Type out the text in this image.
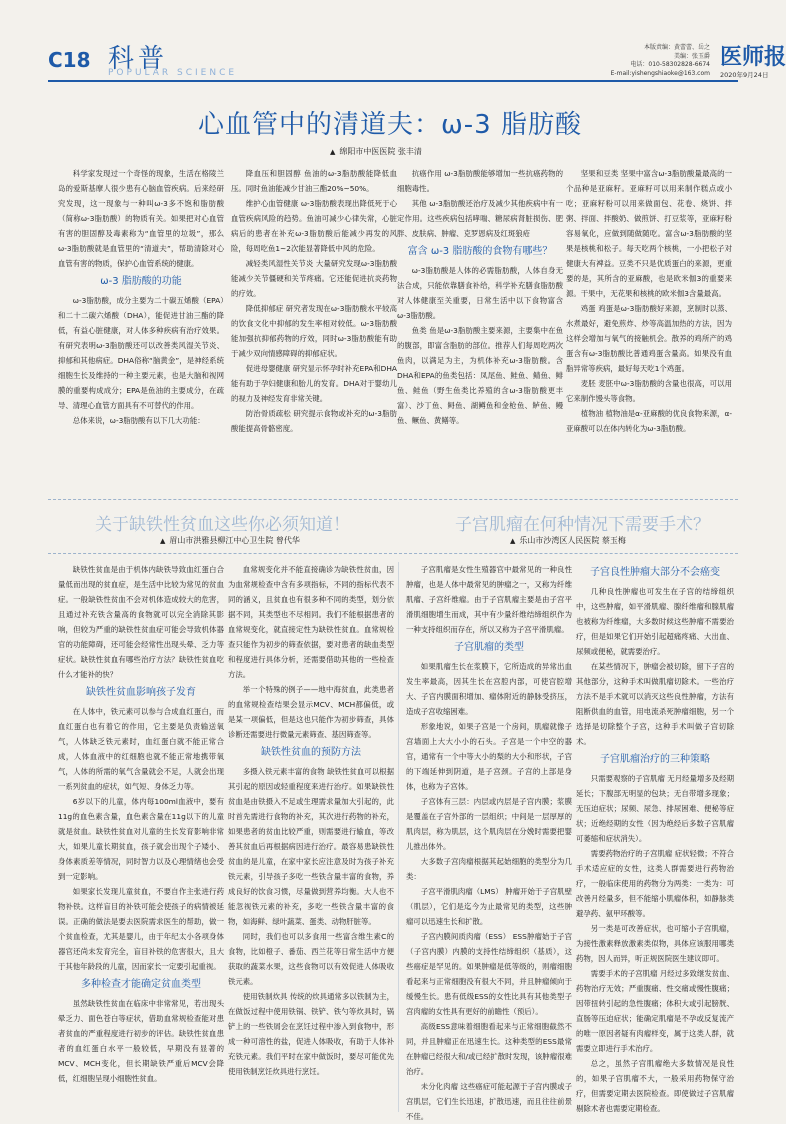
C18 科普
POPULAR SCIENCE
本版责编：黄蕾蕾、岳之
美编：张玉爵
电话：010-58302828-6674
E-mail:yishengshiaoke@163.com
医师报
2020年9月24日
心血管中的清道夫：ω-3 脂肪酸
▲ 绵阳市中医医院 张丰清

科学家发现过一个奇怪的现象，生活在格陵兰岛的爱斯基摩人很少患有心脑血管疾病。后来经研究发现，这一现象与一种叫ω-3多不饱和脂肪酸（简称ω-3脂肪酸）的物质有关。如果把对心血管有害的胆固醇及毒素称为“血管里的垃圾”，那么ω-3脂肪酸就是血管里的“清道夫”，帮助清除对心血管有害的物质，保护心血管系统的健康。

ω-3 脂肪酸的功能

ω-3脂肪酸，成分主要为二十碳五烯酸（EPA）和二十二碳六烯酸（DHA），能促进甘油三酯的降低，有益心脏健康，对人体多种疾病有治疗效果。有研究表明ω-3脂肪酸还可以改善类风湿关节炎、抑郁和其他病症。DHA俗称“脑黄金”，是神经系统细胞生长及维持的一种主要元素，也是大脑和视网膜的重要构成成分；EPA是鱼油的主要成分，在疏导、清理心血管方面具有不可替代的作用。

总体来说，ω-3脂肪酸有以下几大功能：

降血压和胆固醇 鱼油的ω-3脂肪酸能降低血压。同时鱼油能减少甘油三酯20%~50%。

维护心血管健康 ω-3脂肪酸表现出降低死于心血管疾病风险的趋势。鱼油可减少心律失常，心脏病后的患者在补充ω-3脂肪酸后能减少再发的风险，每周吃鱼1~2次能显著降低中风的危险。

减轻类风湿性关节炎 大量研究发现ω-3脂肪酸能减少关节僵硬和关节疼痛。它还能促进抗炎药物的疗效。

降低抑郁症 研究者发现在ω-3脂肪酸水平较高的饮食文化中抑郁的发生率相对较低。ω-3脂肪酸能加强抗抑郁药物的疗效，同时ω-3脂肪酸能有助于减少双向情感障碍的抑郁症状。

促进母婴健康 研究显示怀孕时补充EPA和DHA能有助于孕妇健康和胎儿的发育。DHA对于婴幼儿的视力及神经发育非常关键。

防治骨质疏松 研究提示食物或补充的ω-3脂肪酸能提高骨骼密度。

抗癌作用 ω-3脂肪酸能够增加一些抗癌药物的细胞毒性。

其他 ω-3脂肪酸还治疗及减少其他疾病中有一定作用。这些疾病包括哮喘、糖尿病肾脏损伤、肥胖、皮肤病、肿瘤、克罗恩病及红斑狼疮

富含 ω-3 脂肪酸的食物有哪些？

ω-3脂肪酸是人体的必需脂肪酸，人体自身无法合成，只能依靠膳食补给，科学补充膳食脂肪酸对人体健康至关重要，日常生活中以下食物富含ω-3脂肪酸。

鱼类 鱼是ω-3脂肪酸主要来源，主要集中在鱼的腹部，即富含脂肪的部位。推荐人们每周吃两次鱼肉，以满足为主，为机体补充ω-3脂肪酸。含DHA和EPA的鱼类包括：凤尾鱼、鲑鱼、鲭鱼、鲱鱼、鲑鱼（野生鱼类比养殖的含ω-3脂肪酸更丰富）、沙丁鱼、鲟鱼、湖鳟鱼和金枪鱼、鲈鱼、鳗鱼、鳜鱼、黄鳝等。

坚果和豆类 坚果中富含ω-3脂肪酸量最高的一个品种是亚麻籽。亚麻籽可以用来制作糕点或小吃；亚麻籽粉可以用来做面包、花卷、烧饼、拌粥、拌面、拌酸奶、做煎饼、打豆浆等，亚麻籽粉容易氧化，应做到随做随吃。富含ω-3脂肪酸的坚果是核桃和松子。每天吃两个核桃，一小把松子对健康大有裨益。豆类不只是优质蛋白的来源，更重要的是，其所含的亚麻酸，也是欧米伽3的重要来源。干果中，无花果和核桃的欧米伽3含量最高。

鸡蛋 鸡蛋是ω-3脂肪酸好来源，烹制时以蒸、水煮最好，避免煎炸、炒等高温加热的方法，因为这样会增加与氧气的接触机会。散养的鸡所产的鸡蛋含有ω-3脂肪酸比普通鸡蛋含量高。如果没有血脂异常等疾病，最好每天吃1个鸡蛋。

麦胚 麦胚中ω-3脂肪酸的含量也很高，可以用它来制作馒头等食物。

植物油 植物油是α-亚麻酸的优良食物来源，α-亚麻酸可以在体内转化为ω-3脂肪酸。

关于缺铁性贫血这些你必须知道！
▲ 眉山市洪雅县柳江中心卫生院 曾代华
子宫肌瘤在何种情况下需要手术？
▲ 乐山市沙湾区人民医院 蔡玉梅

缺铁性贫血是由于机体内缺铁导致血红蛋白合量低而出现的贫血症，是生活中比较为常见的贫血症。一般缺铁性贫血不会对机体造成较大的危害，且通过补充铁含量高的食物就可以完全消除其影响，但较为严重的缺铁性贫血症可能会导致机体器官的功能障碍，还可能会经常性出现头晕、乏力等症状。缺铁性贫血有哪些治疗方法？缺铁性贫血吃什么才能补的快？

缺铁性贫血影响孩子发育

在人体中，铁元素可以参与合成血红蛋白，而血红蛋白也有着它的作用，它主要是负责输送氧气，人体缺乏铁元素时，血红蛋白就不能正常合成，人体血液中的红细胞也就不能正常地携带氧气，人体的所需的氧气含量就会不足，人就会出现一系列贫血的症状，如气短、身体乏力等。

6岁以下的儿童，体内每100ml血液中，要有11g的血色素含量，血色素含量在11g以下的儿童就是贫血。缺铁性贫血对儿童的生长发育影响非常大，如果儿童长期贫血，孩子就会出现个子矮小、身体素质差等情况，同时智力以及心理情绪也会受到一定影响。

如果家长发现儿童贫血，不要自作主张进行药物补铁。这样盲目的补铁可能会使孩子的病情被延误。正确的做法是要去医院需求医生的帮助，做一个贫血检查，尤其是婴儿，由于年纪太小各项身体器官还尚未发育完全，盲目补铁的危害很大，且大于其他年龄段的儿童，因而家长一定要引起重视。

多种检查才能确定贫血类型

虽然缺铁性贫血在临床中非常常见，若出现头晕乏力、面色苍白等症状，借助血常规检查能对患者贫血的严重程度进行初步的评估。缺铁性贫血患者的血红蛋白水平一般较低，早期没有显著的MCV、MCH变化，但长期缺铁严重后MCV会降低，红细胞呈现小细胞性贫血。

血常规变化并不能直接确诊为缺铁性贫血，因为血常规检查中含有多项指标，不同的指标代表不同的涵义，且贫血也有很多种不同的类型，划分依据不同，其类型也不尽相同。我们不能根据患者的血常规变化，就直接定性为缺铁性贫血。血常规检查只能作为初步的筛查依据，要对患者的缺血类型和程度进行具体分析，还需要借助其他的一些检查方法。

举一个特殊的例子——地中海贫血，此类患者的血常规检查结果会显示MCV、MCH都偏低，或是某一项偏低，但是这也只能作为初步筛查，具体诊断还需要进行微量元素筛查、基因筛查等。

缺铁性贫血的预防方法

多摄入铁元素丰富的食物 缺铁性贫血可以根据其引起的原因或轻重程度来进行治疗。如果缺铁性贫血是由铁摄入不足或生理需求量加大引起的，此时首先需进行食物的补充，其次进行药物的补充，如果患者的贫血比较严重，则需要进行输血，等改善其贫血后再根据病因进行治疗。最容易患缺铁性贫血的是儿童，在家中家长应注意及时为孩子补充铁元素，引导孩子多吃一些铁含量丰富的食物，养成良好的饮食习惯，尽量做到营养均衡。大人也不能忽视铁元素的补充，多吃一些铁含量丰富的食物，如海鲜、绿叶蔬菜、蛋类、动物肝脏等。

同时，我们也可以多食用一些富含维生素C的食物，比如橙子、番茄、西兰花等日常生活中方便获取的蔬菜水果，这些食物可以有效促进人体吸收铁元素。

使用铁制炊具 传统的炊具通常多以铁制为主，在做饭过程中使用铁锅、铁铲、铁勺等炊具时，锅铲上的一些铁屑会在烹饪过程中渗入到食物中，形成一种可溶性的盐，促进人体吸收，有助于人体补充铁元素。我们平时在家中做饭时，要尽可能优先使用铁制烹饪炊具进行烹饪。

子宫肌瘤是女性生殖器官中最常见的一种良性肿瘤，也是人体中最常见的肿瘤之一，又称为纤维肌瘤、子宫纤维瘤。由于子宫肌瘤主要是由子宫平滑肌细胞增生而成，其中有少量纤维结缔组织作为一种支持组织而存在，所以又称为子宫平滑肌瘤。

子宫肌瘤的类型

如果肌瘤生长在浆膜下，它所造成的异常出血发生率最高，因其生长在宫腔内部，可使宫腔增大、子宫内膜面积增加、瘤体附近的静脉受挤压，造成子宫收缩困难。

形象地说，如果子宫是一个房间，肌瘤就像子宫墙面上大大小小的石头。子宫是一个中空的器官，通常有一个中等大小的梨的大小和形状，子宫的下端延伸到阴道，是子宫颈。子宫的上部是身体，也称为子宫体。

子宫体有三层：内层或内层是子宫内膜；浆膜是覆盖在子宫外部的一层组织；中间是一层厚厚的肌肉层，称为肌层，这个肌肉层在分娩时需要把婴儿推出体外。

大多数子宫肉瘤根据其起始细胞的类型分为几类：

子宫平滑肌肉瘤（LMS） 肿瘤开始于子宫肌壁（肌层），它们是迄今为止最常见的类型，这些肿瘤可以迅速生长和扩散。

子宫内膜间质肉瘤（ESS） ESS肿瘤始于子宫（子宫内膜）内膜的支持性结缔组织（基质），这些癌症是罕见的。如果肿瘤是低等级的，则瘤细胞看起来与正常细胞没有很大不同，并且肿瘤倾向于缓慢生长。患有低级ESS的女性比具有其他类型子宫肉瘤的女性具有更好的前瞻性（预后）。

高级ESS意味着细胞看起来与正常细胞截然不同，并且肿瘤正在迅速生长。这种类型的ESS最常在肿瘤已经很大和/或已经扩散时发现，该肿瘤很难治疗。

未分化肉瘤 这些癌症可能起源于子宫内膜或子宫肌层，它们生长迅速，扩散迅速，而且往往前景不佳。

子宫良性肿瘤大部分不会癌变

几种良性肿瘤也可发生在子宫的结缔组织中，这些肿瘤，如平滑肌瘤、腺纤维瘤和腺肌瘤也被称为纤维瘤，大多数时候这些肿瘤不需要治疗，但是如果它们开始引起超痛疼痛、大出血、尿频或便秘，就需要治疗。

在某些情况下，肿瘤会被切除，留下子宫的其他部分，这种手术叫做肌瘤切除术。一些治疗方法不是手术就可以消灭这些良性肿瘤，方法有阻断供血的血管，用电流杀死肿瘤细胞，另一个选择是切除整个子宫，这种手术叫做子宫切除术。

子宫肌瘤治疗的三种策略

只需要观察的子宫肌瘤 无月经量增多及经期延长；下腹部无明显的包块；无自带增多现象；无压迫症状；尿频、尿急、排尿困难、便秘等症状；近绝经期的女性（因为绝经后多数子宫肌瘤可萎缩和症状消失）。

需要药物治疗的子宫肌瘤 症状轻微；不符合手术适应症的女性，这类人群需要进行药物治疗，一般临床使用的药物分为两类：一类为：可改善月经量多，但不能缩小肌瘤体积，如静脉类避孕药、氨甲环酸等。

另一类是可改善症状，也可缩小子宫肌瘤，为接性激素释放激素类似物，具体应该服用哪类药物，因人而异，听正规医院医生建议即可。

需要手术的子宫肌瘤 月经过多致继发贫血、药物治疗无效；严重腹痛、性交痛或慢性腹痛；因带扭转引起的急性腹痛；体积大或引起膀胱、直肠等压迫症状；能确定肌瘤是不孕或反复流产的唯一原因者疑有肉瘤样变，属于这类人群，就需要立即进行手术治疗。

总之，虽然子宫肌瘤绝大多数情况是良性的，如果子宫肌瘤不大，一般采用药物保守治疗，但需要定期去医院检查。即使做过子宫肌瘤剔除术者也需要定期检查。
